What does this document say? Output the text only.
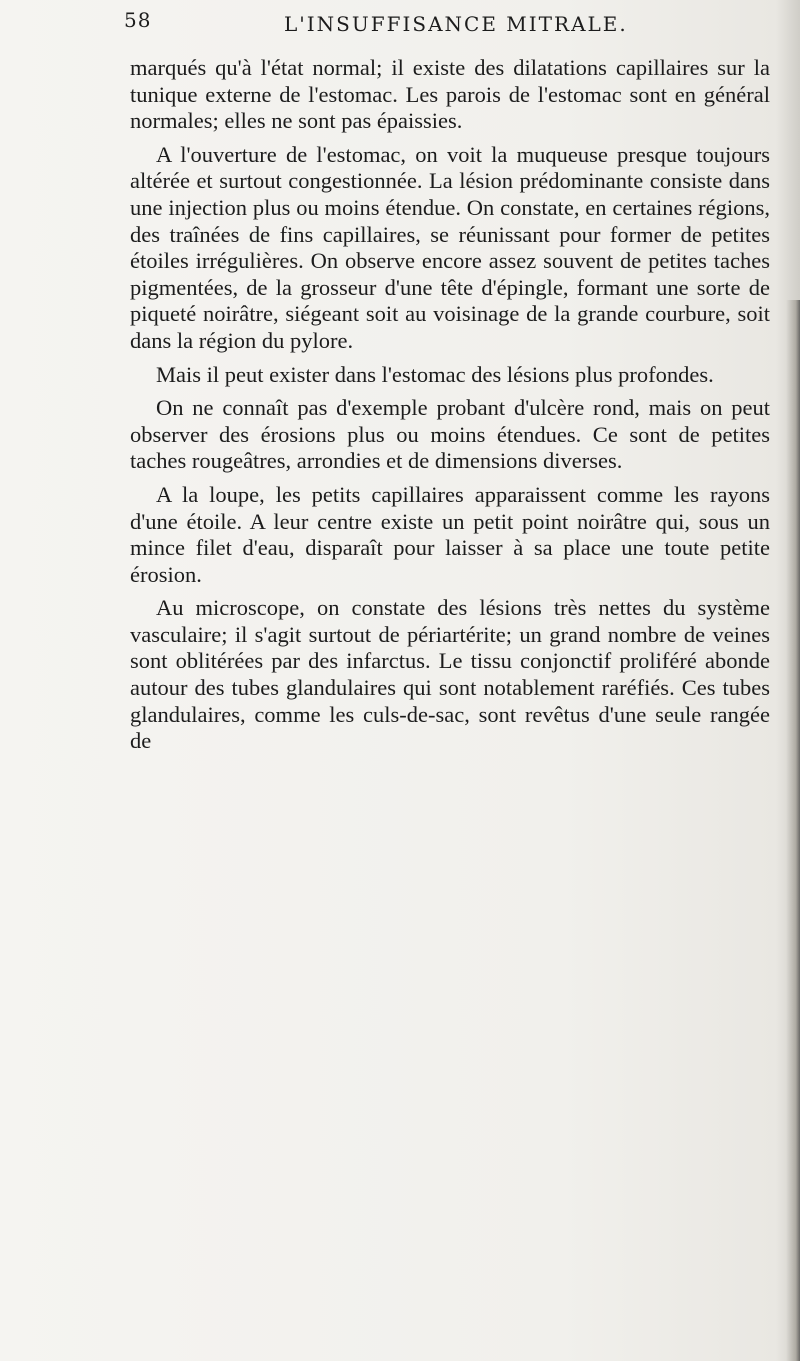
58	L'INSUFFISANCE MITRALE.

marqués qu'à l'état normal; il existe des dilatations capillaires sur la tunique externe de l'estomac. Les parois de l'estomac sont en général normales; elles ne sont pas épaissies.

A l'ouverture de l'estomac, on voit la muqueuse presque toujours altérée et surtout congestionnée. La lésion prédominante consiste dans une injection plus ou moins étendue. On constate, en certaines régions, des traînées de fins capillaires, se réunissant pour former de petites étoiles irrégulières. On observe encore assez souvent de petites taches pigmentées, de la grosseur d'une tête d'épingle, formant une sorte de piqueté noirâtre, siégeant soit au voisinage de la grande courbure, soit dans la région du pylore.

Mais il peut exister dans l'estomac des lésions plus profondes.

On ne connaît pas d'exemple probant d'ulcère rond, mais on peut observer des érosions plus ou moins étendues. Ce sont de petites taches rougeâtres, arrondies et de dimensions diverses.

A la loupe, les petits capillaires apparaissent comme les rayons d'une étoile. A leur centre existe un petit point noirâtre qui, sous un mince filet d'eau, disparaît pour laisser à sa place une toute petite érosion.

Au microscope, on constate des lésions très nettes du système vasculaire; il s'agit surtout de périartérite; un grand nombre de veines sont oblitérées par des infarctus. Le tissu conjonctif proliféré abonde autour des tubes glandulaires qui sont notablement raréfiés. Ces tubes glandulaires, comme les culs-de-sac, sont revêtus d'une seule rangée de
